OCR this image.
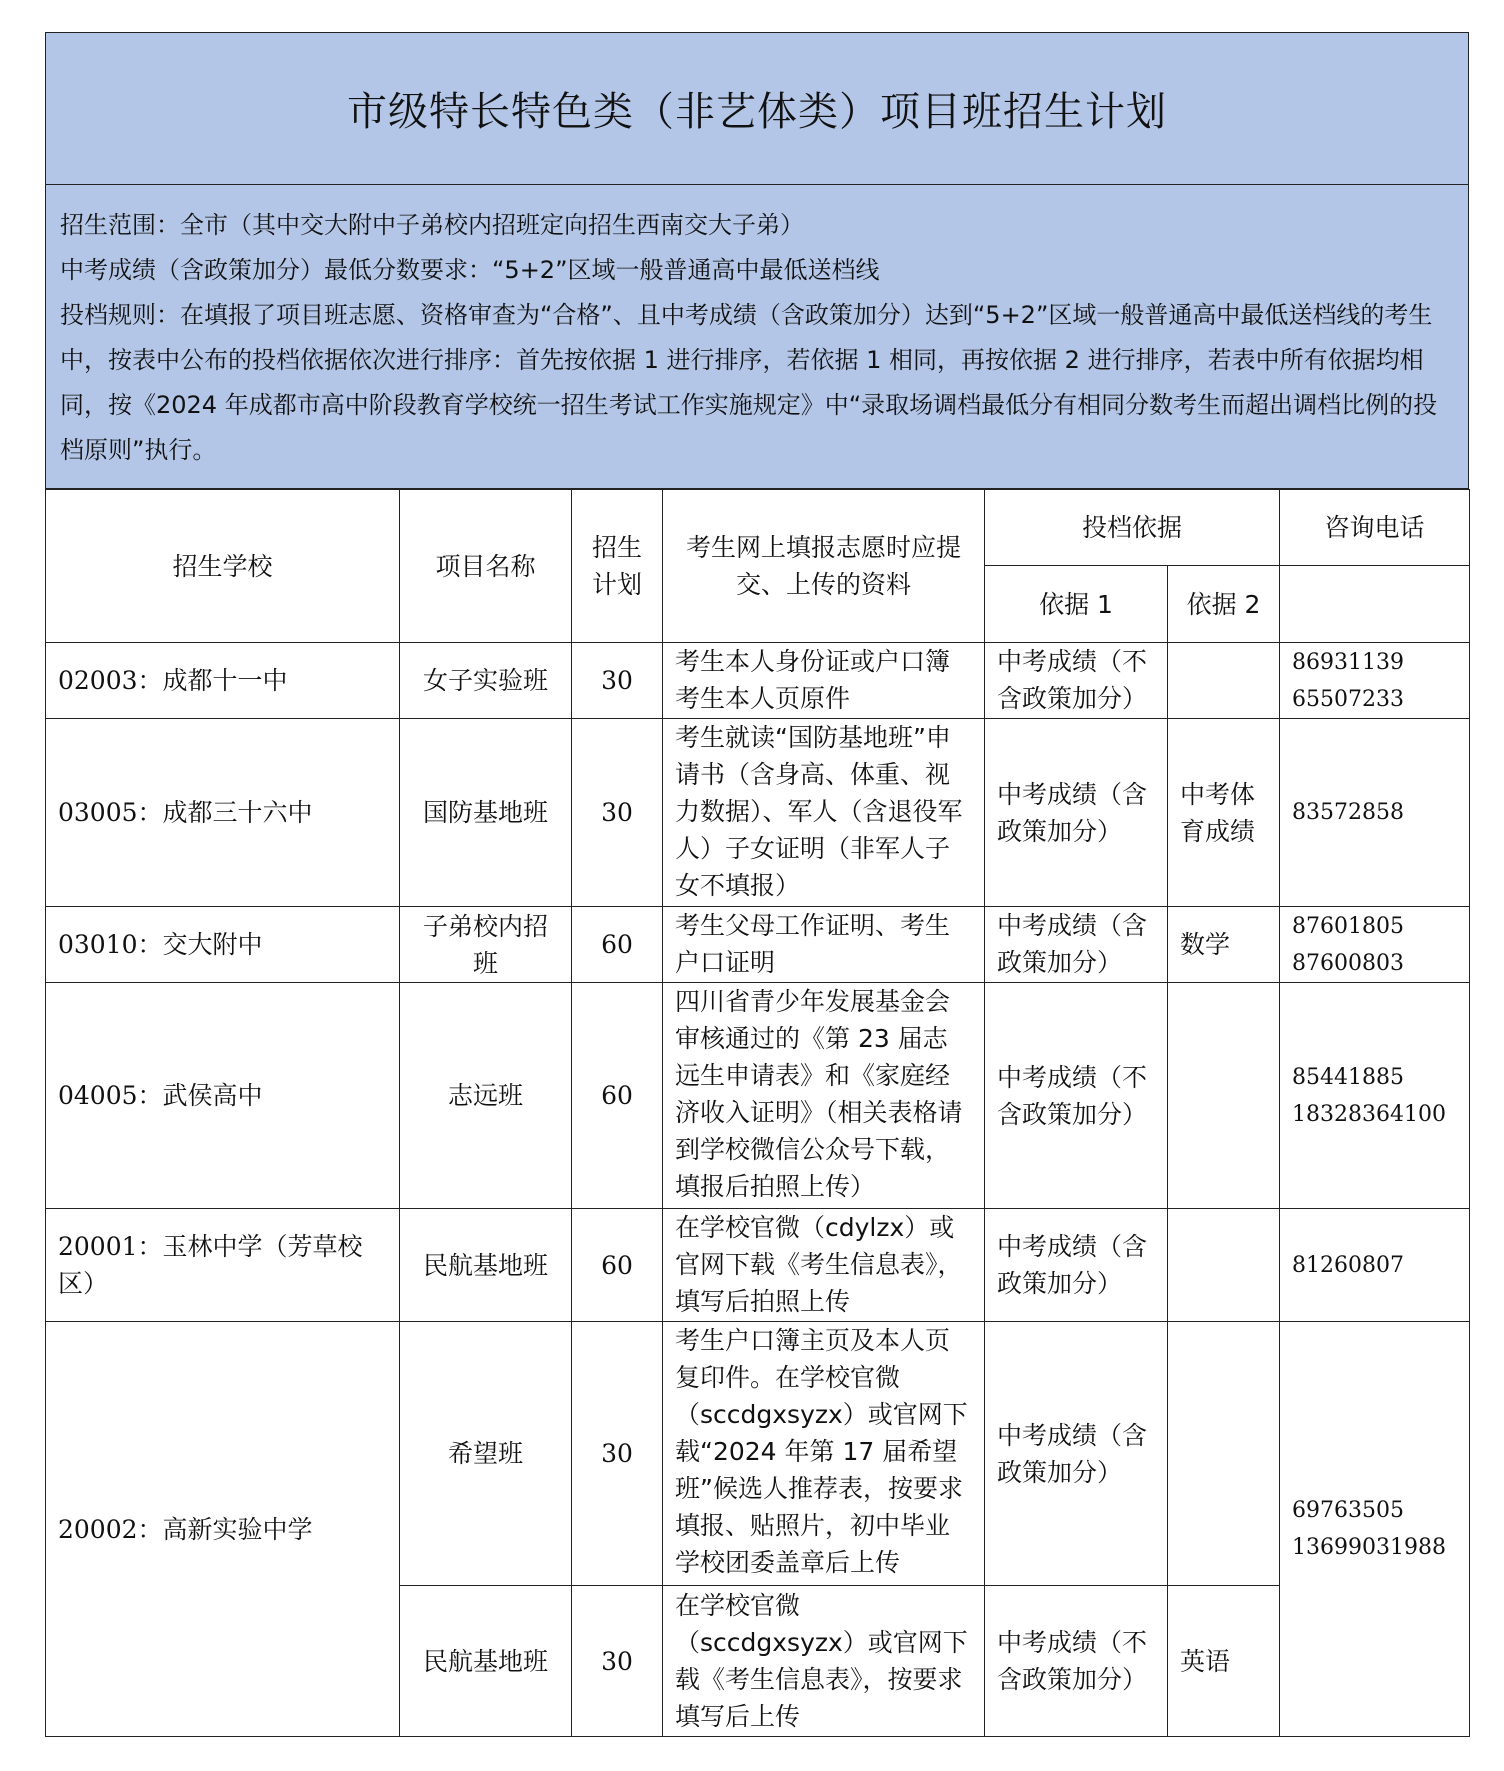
市级特长特色类（非艺体类）项目班招生计划

招生范围：全市（其中交大附中子弟校内招班定向招生西南交大子弟）

中考成绩（含政策加分）最低分数要求：“5+2”区域一般普通高中最低送档线

投档规则：在填报了项目班志愿、资格审查为“合格”、且中考成绩（含政策加分）达到“5+2”区域一般普通高中最低送档线的考生中，按表中公布的投档依据依次进行排序：首先按依据 1 进行排序，若依据 1 相同，再按依据 2 进行排序，若表中所有依据均相同，按《2024 年成都市高中阶段教育学校统一招生考试工作实施规定》中“录取场调档最低分有相同分数考生而超出调档比例的投档原则”执行。

招生学校	项目名称	招生计划	考生网上填报志愿时应提交、上传的资料	投档依据		咨询电话
				依据 1	依据 2	
02003：成都十一中	女子实验班	30	考生本人身份证或户口簿考生本人页原件	中考成绩（不含政策加分）		86931139
65507233

03005：成都三十六中	国防基地班	30	考生就读“国防基地班”申请书（含身高、体重、视力数据）、军人（含退役军人）子女证明（非军人子女不填报）	中考成绩（含政策加分）	中考体育成绩	83572858

03010：交大附中	子弟校内招班	60	考生父母工作证明、考生户口证明	中考成绩（含政策加分）	数学	87601805
87600803

04005：武侯高中	志远班	60	四川省青少年发展基金会审核通过的《第 23 届志远生申请表》和《家庭经济收入证明》（相关表格请到学校微信公众号下载，填报后拍照上传）	中考成绩（不含政策加分）		85441885
18328364100

20001：玉林中学（芳草校区）	民航基地班	60	在学校官微（cdylzx）或官网下载《考生信息表》，填写后拍照上传	中考成绩（含政策加分）		81260807

20002：高新实验中学	希望班	30	考生户口簿主页及本人页复印件。在学校官微（sccdgxsyzx）或官网下载“2024 年第 17 届希望班”候选人推荐表，按要求填报、贴照片，初中毕业学校团委盖章后上传	中考成绩（含政策加分）		69763505
13699031988

	民航基地班	30	在学校官微（sccdgxsyzx）或官网下载《考生信息表》，按要求填写后上传	中考成绩（不含政策加分）	英语	
